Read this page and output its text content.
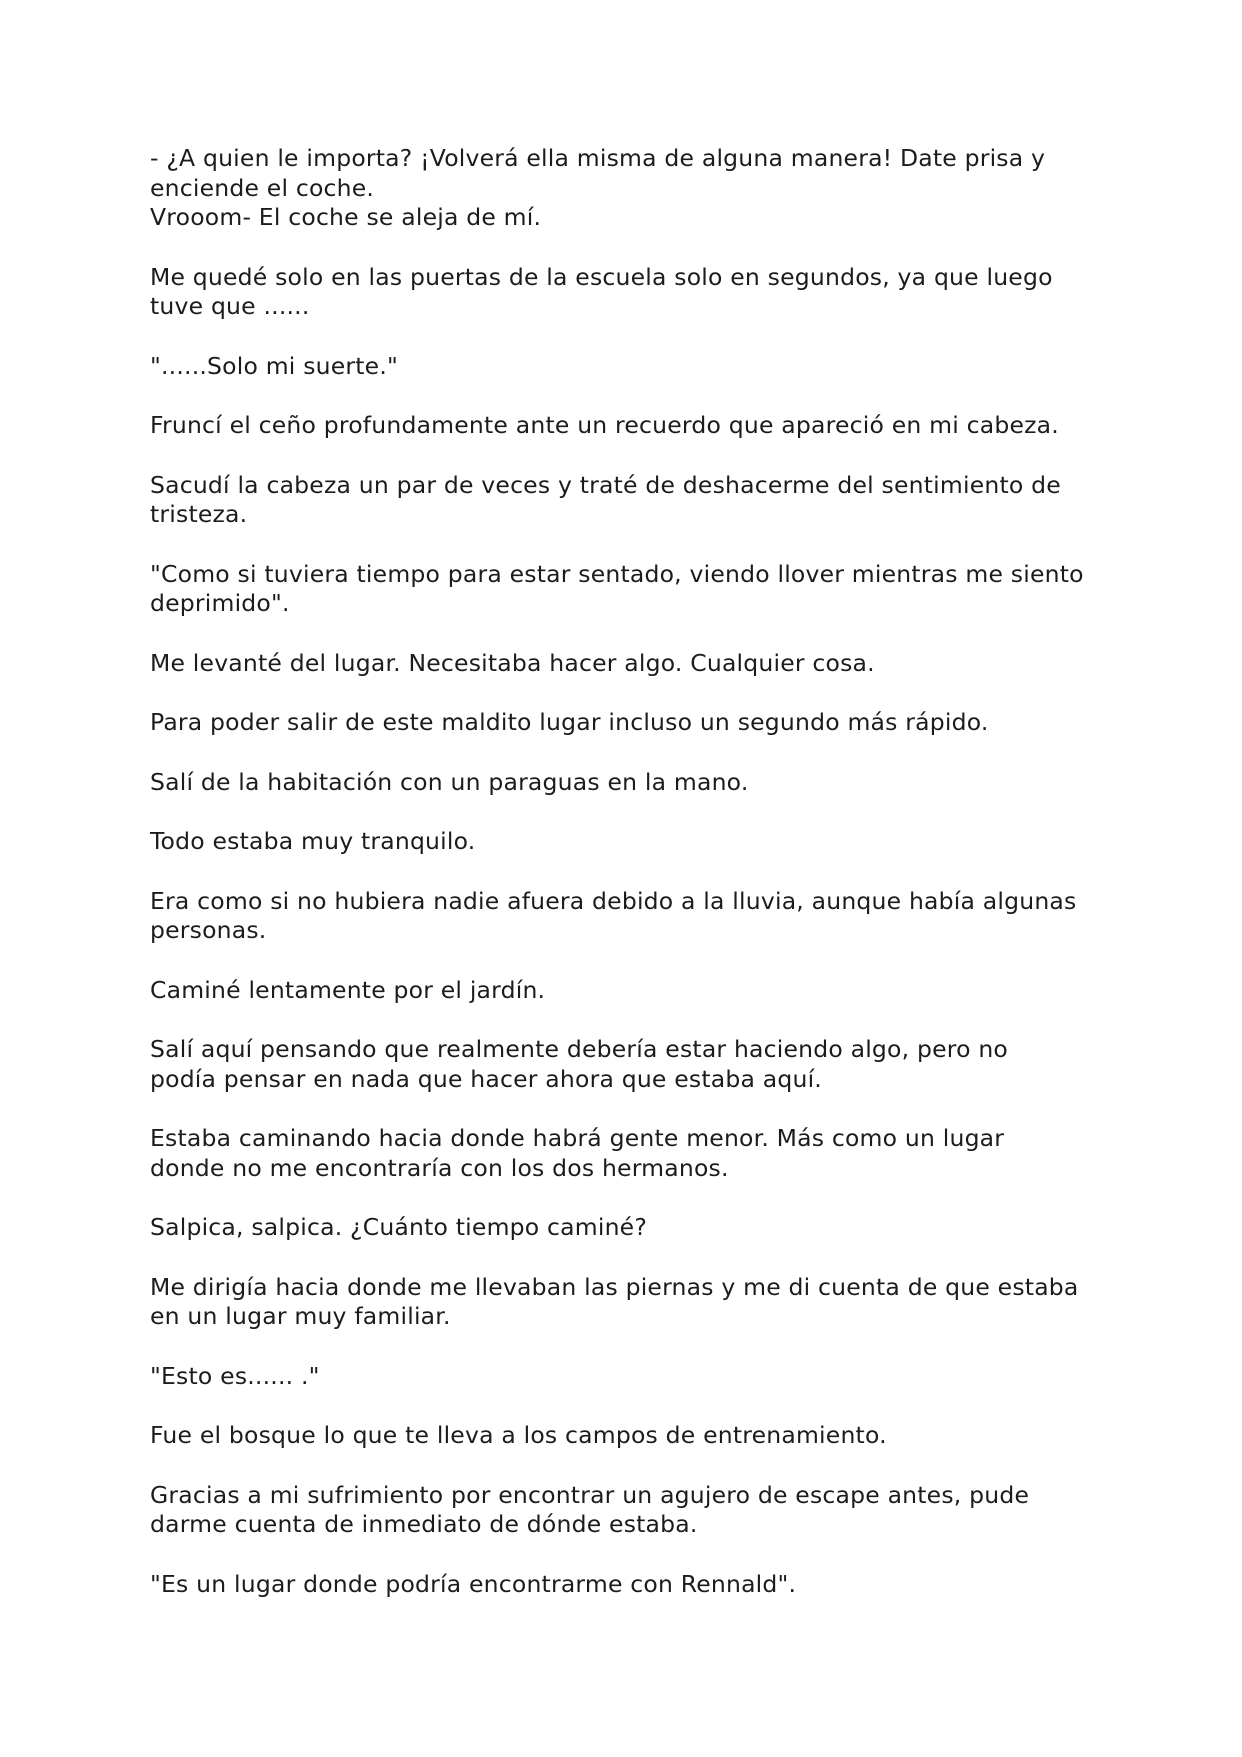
- ¿A quien le importa? ¡Volverá ella misma de alguna manera! Date prisa y
enciende el coche.
Vrooom- El coche se aleja de mí.

Me quedé solo en las puertas de la escuela solo en segundos, ya que luego
tuve que ......

"......Solo mi suerte."

Fruncí el ceño profundamente ante un recuerdo que apareció en mi cabeza.

Sacudí la cabeza un par de veces y traté de deshacerme del sentimiento de
tristeza.

"Como si tuviera tiempo para estar sentado, viendo llover mientras me siento
deprimido".

Me levanté del lugar. Necesitaba hacer algo. Cualquier cosa.

Para poder salir de este maldito lugar incluso un segundo más rápido.

Salí de la habitación con un paraguas en la mano.

Todo estaba muy tranquilo.

Era como si no hubiera nadie afuera debido a la lluvia, aunque había algunas
personas.

Caminé lentamente por el jardín.

Salí aquí pensando que realmente debería estar haciendo algo, pero no
podía pensar en nada que hacer ahora que estaba aquí.

Estaba caminando hacia donde habrá gente menor. Más como un lugar
donde no me encontraría con los dos hermanos.

Salpica, salpica. ¿Cuánto tiempo caminé?

Me dirigía hacia donde me llevaban las piernas y me di cuenta de que estaba
en un lugar muy familiar.

"Esto es...... ."

Fue el bosque lo que te lleva a los campos de entrenamiento.

Gracias a mi sufrimiento por encontrar un agujero de escape antes, pude
darme cuenta de inmediato de dónde estaba.

"Es un lugar donde podría encontrarme con Rennald".
